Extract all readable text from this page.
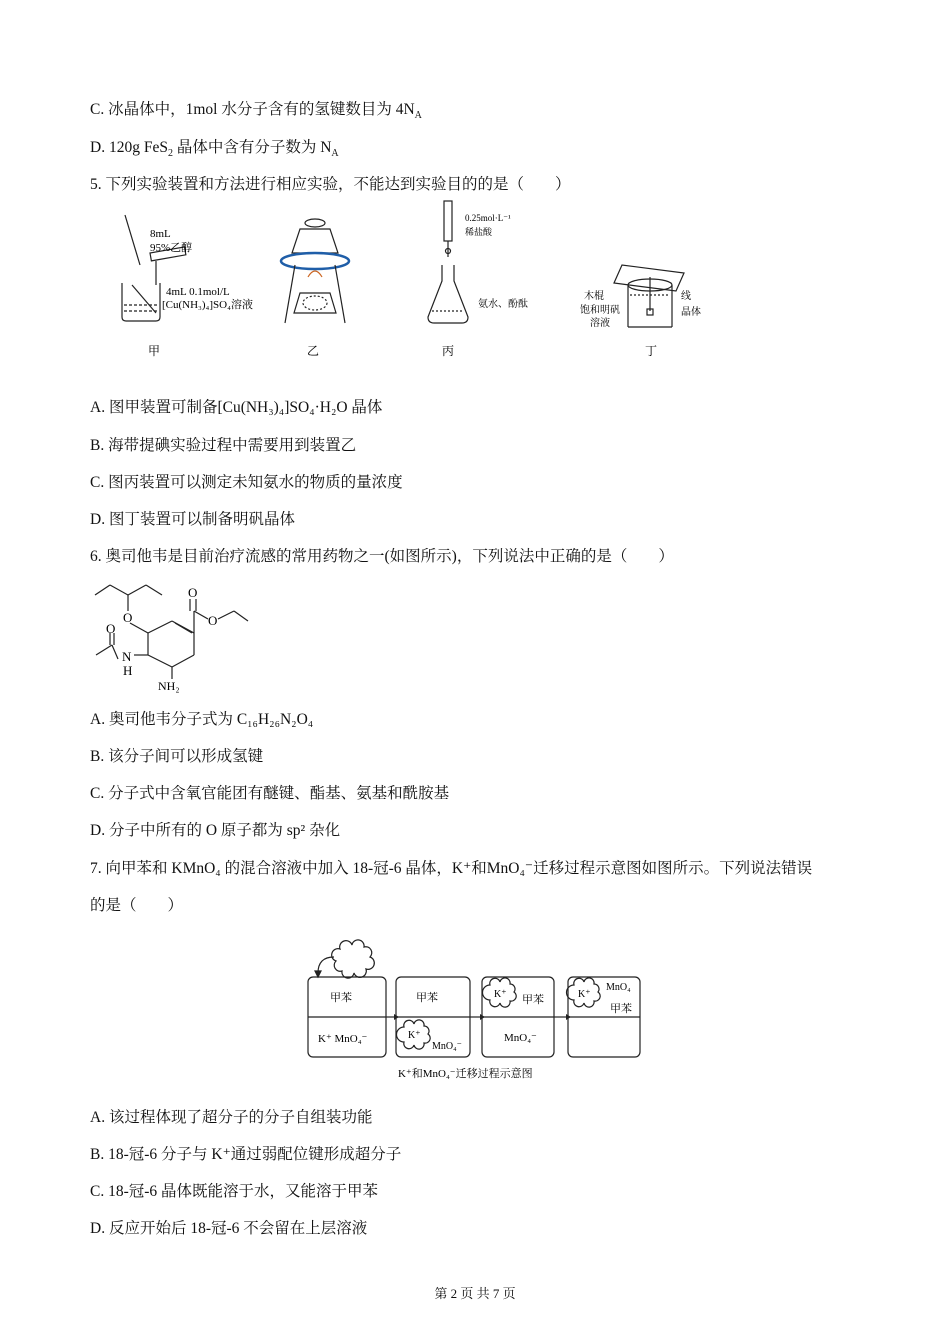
C. 冰晶体中，1mol 水分子含有的氢键数目为 $4N_A$
D. 120g FeS$_2$ 晶体中含有分子数为 $N_A$
5. 下列实验装置和方法进行相应实验，不能达到实验目的的是（　　）
8mL
95%乙醇
4mL 0.1mol/L
[Cu(NH₃)₄]SO₄溶液
0.25mol·L⁻¹
稀盐酸
氨水、酚酞
木棍
饱和明矾
溶液
线
晶体
甲	乙	丙	丁
A. 图甲装置可制备[Cu(NH₃)₄]SO₄·H₂O 晶体
B. 海带提碘实验过程中需要用到装置乙
C. 图丙装置可以测定未知氨水的物质的量浓度
D. 图丁装置可以制备明矾晶体
6. 奥司他韦是目前治疗流感的常用药物之一(如图所示)，下列说法中正确的是（　　）
O
O
O
O
N
H
NH₂
A. 奥司他韦分子式为 C₁₆H₂₆N₂O₄
B. 该分子间可以形成氢键
C. 分子式中含氧官能团有醚键、酯基、氨基和酰胺基
D. 分子中所有的 O 原子都为 sp² 杂化
7. 向甲苯和 KMnO₄ 的混合溶液中加入 18-冠-6 晶体，K⁺和MnO₄⁻迁移过程示意图如图所示。下列说法错误
的是（　　）
甲苯
K⁺ MnO₄⁻
甲苯
K⁺
MnO₄⁻
K⁺ 甲苯
MnO₄⁻
K⁺
MnO₄
甲苯
K⁺和MnO₄⁻迁移过程示意图
A. 该过程体现了超分子的分子自组装功能
B. 18-冠-6 分子与 K⁺通过弱配位键形成超分子
C. 18-冠-6 晶体既能溶于水，又能溶于甲苯
D. 反应开始后 18-冠-6 不会留在上层溶液
第 2 页 共 7 页
